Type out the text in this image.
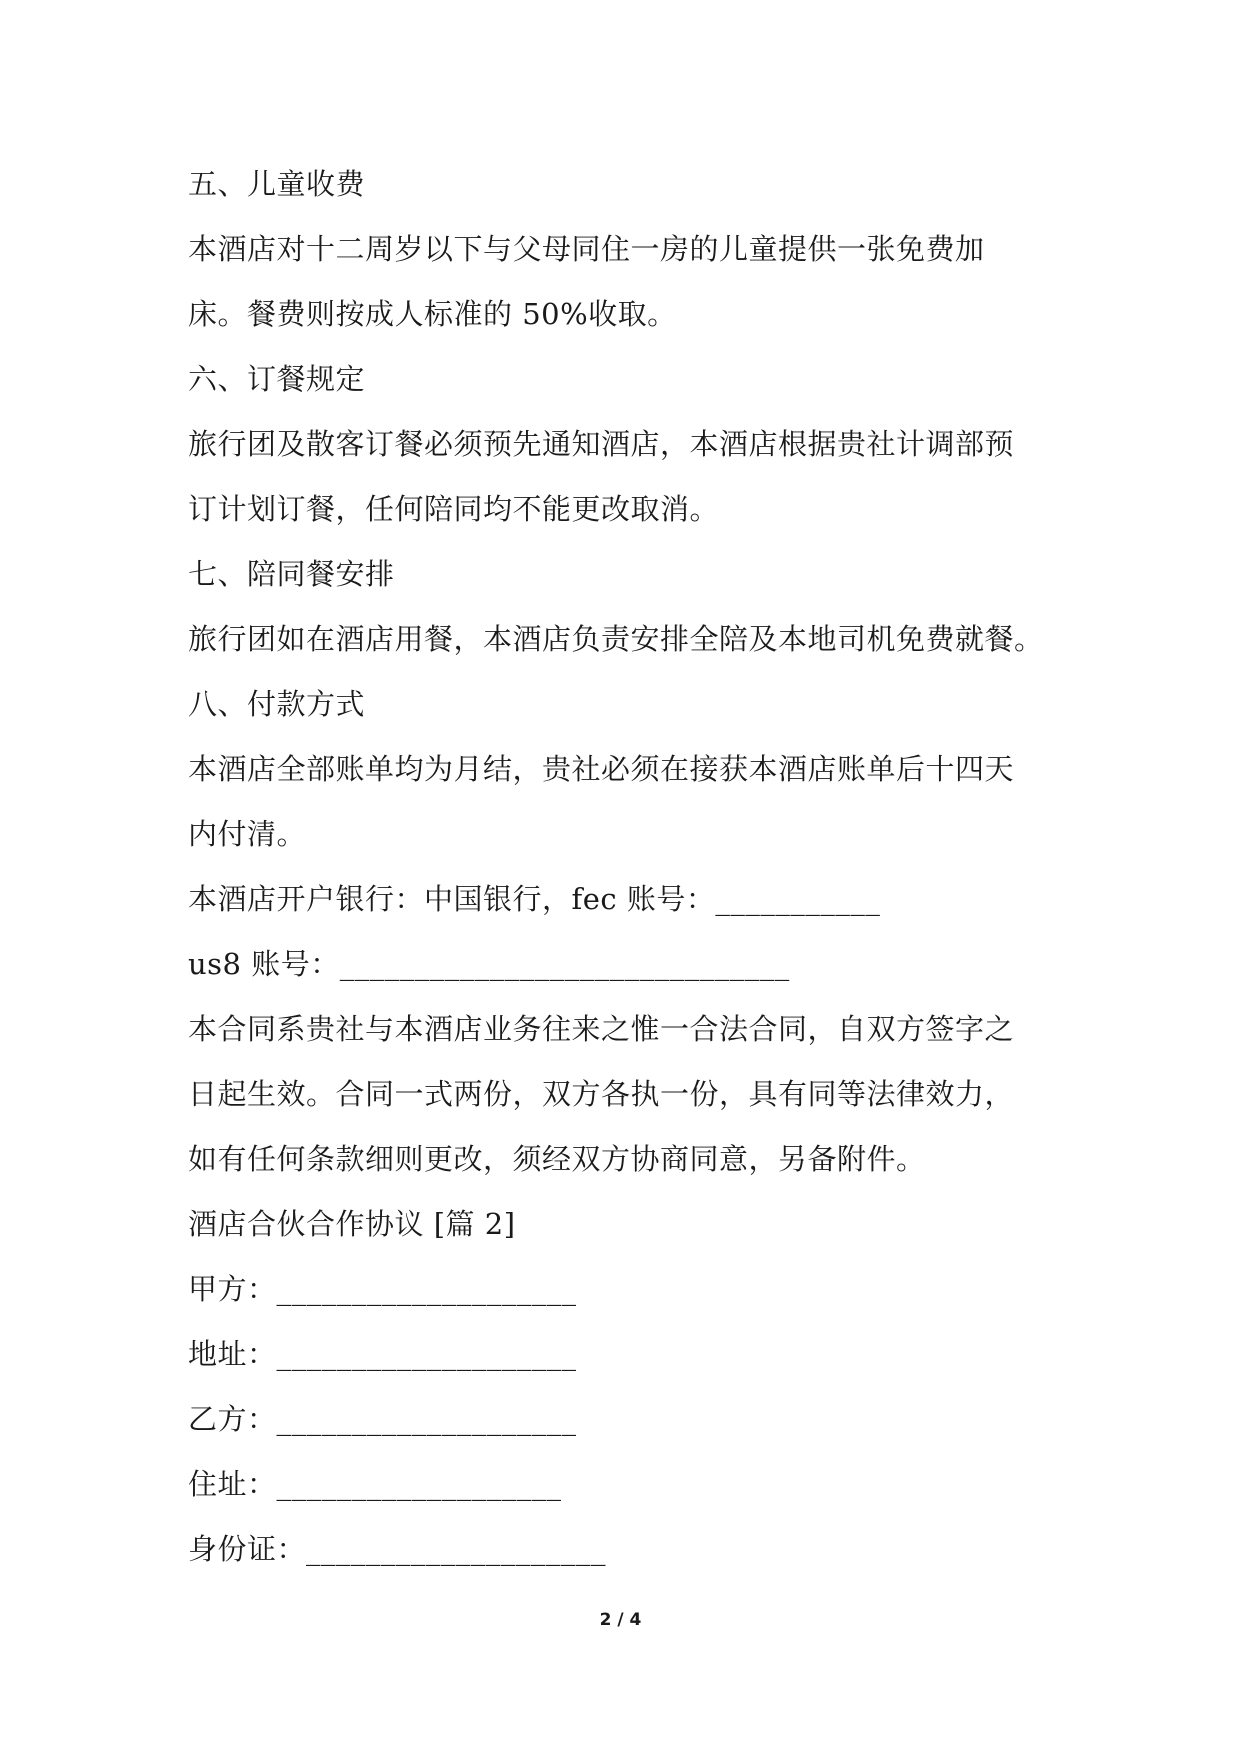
五、儿童收费
本酒店对十二周岁以下与父母同住一房的儿童提供一张免费加
床。餐费则按成人标准的 50%收取。
六、订餐规定
旅行团及散客订餐必须预先通知酒店，本酒店根据贵社计调部预
订计划订餐，任何陪同均不能更改取消。
七、陪同餐安排
旅行团如在酒店用餐，本酒店负责安排全陪及本地司机免费就餐。
八、付款方式
本酒店全部账单均为月结，贵社必须在接获本酒店账单后十四天
内付清。
本酒店开户银行：中国银行，fec 账号：___________
us8 账号：______________________________
本合同系贵社与本酒店业务往来之惟一合法合同，自双方签字之
日起生效。合同一式两份，双方各执一份，具有同等法律效力，
如有任何条款细则更改，须经双方协商同意，另备附件。
酒店合伙合作协议 [篇 2]
甲方：____________________
地址：____________________
乙方：____________________
住址：___________________
身份证：____________________
2 / 4
